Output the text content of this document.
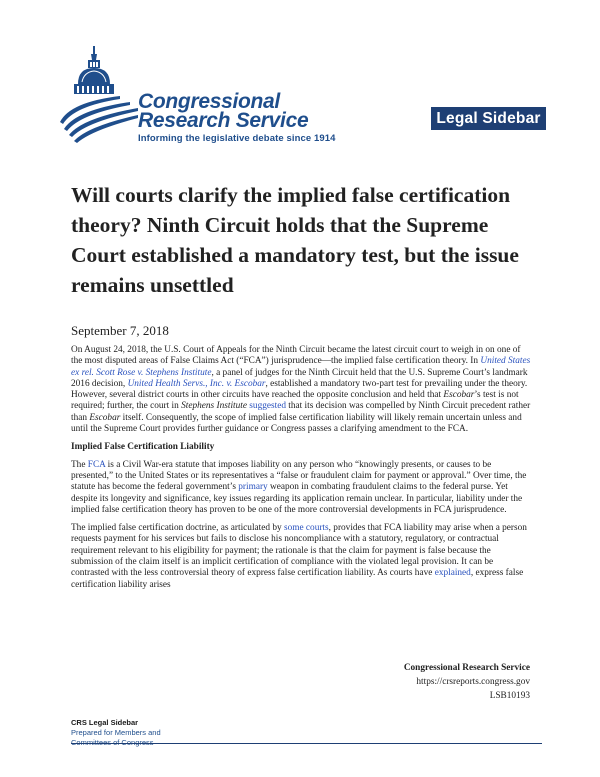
Congressional
Research Service
Informing the legislative debate since 1914
Legal Sidebar
Will courts clarify the implied false certification theory? Ninth Circuit holds that the Supreme Court established a mandatory test, but the issue remains unsettled
September 7, 2018

On August 24, 2018, the U.S. Court of Appeals for the Ninth Circuit became the latest circuit court to weigh in on one of the most disputed areas of False Claims Act (“FCA”) jurisprudence—the implied false certification theory. In United States ex rel. Scott Rose v. Stephens Institute, a panel of judges for the Ninth Circuit held that the U.S. Supreme Court’s landmark 2016 decision, United Health Servs., Inc. v. Escobar, established a mandatory two-part test for prevailing under the theory. However, several district courts in other circuits have reached the opposite conclusion and held that Escobar’s test is not required; further, the court in Stephens Institute suggested that its decision was compelled by Ninth Circuit precedent rather than Escobar itself. Consequently, the scope of implied false certification liability will likely remain uncertain unless and until the Supreme Court provides further guidance or Congress passes a clarifying amendment to the FCA.

Implied False Certification Liability

The FCA is a Civil War-era statute that imposes liability on any person who “knowingly presents, or causes to be presented,” to the United States or its representatives a “false or fraudulent claim for payment or approval.” Over time, the statute has become the federal government’s primary weapon in combating fraudulent claims to the federal purse. Yet despite its longevity and significance, key issues regarding its application remain unclear. In particular, liability under the implied false certification theory has proven to be one of the more controversial developments in FCA jurisprudence.

The implied false certification doctrine, as articulated by some courts, provides that FCA liability may arise when a person requests payment for his services but fails to disclose his noncompliance with a statutory, regulatory, or contractual requirement relevant to his eligibility for payment; the rationale is that the claim for payment is false because the submission of the claim itself is an implicit certification of compliance with the violated legal provision. It can be contrasted with the less controversial theory of express false certification liability. As courts have explained, express false certification liability arises

Congressional Research Service
https://crsreports.congress.gov
LSB10193
CRS Legal Sidebar
Prepared for Members and
Committees of Congress
